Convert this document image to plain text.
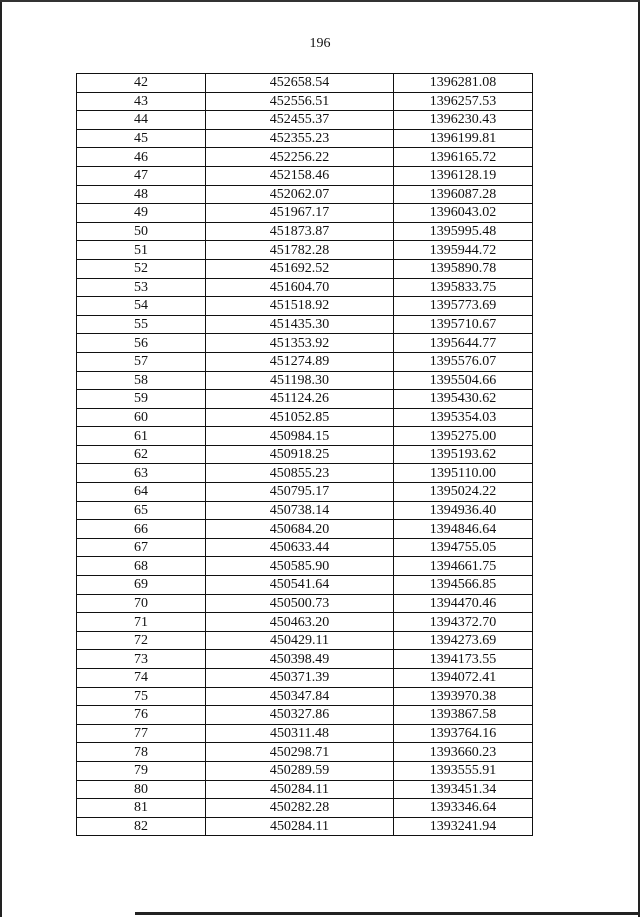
196
42	452658.54	1396281.08
43	452556.51	1396257.53
44	452455.37	1396230.43
45	452355.23	1396199.81
46	452256.22	1396165.72
47	452158.46	1396128.19
48	452062.07	1396087.28
49	451967.17	1396043.02
50	451873.87	1395995.48
51	451782.28	1395944.72
52	451692.52	1395890.78
53	451604.70	1395833.75
54	451518.92	1395773.69
55	451435.30	1395710.67
56	451353.92	1395644.77
57	451274.89	1395576.07
58	451198.30	1395504.66
59	451124.26	1395430.62
60	451052.85	1395354.03
61	450984.15	1395275.00
62	450918.25	1395193.62
63	450855.23	1395110.00
64	450795.17	1395024.22
65	450738.14	1394936.40
66	450684.20	1394846.64
67	450633.44	1394755.05
68	450585.90	1394661.75
69	450541.64	1394566.85
70	450500.73	1394470.46
71	450463.20	1394372.70
72	450429.11	1394273.69
73	450398.49	1394173.55
74	450371.39	1394072.41
75	450347.84	1393970.38
76	450327.86	1393867.58
77	450311.48	1393764.16
78	450298.71	1393660.23
79	450289.59	1393555.91
80	450284.11	1393451.34
81	450282.28	1393346.64
82	450284.11	1393241.94
